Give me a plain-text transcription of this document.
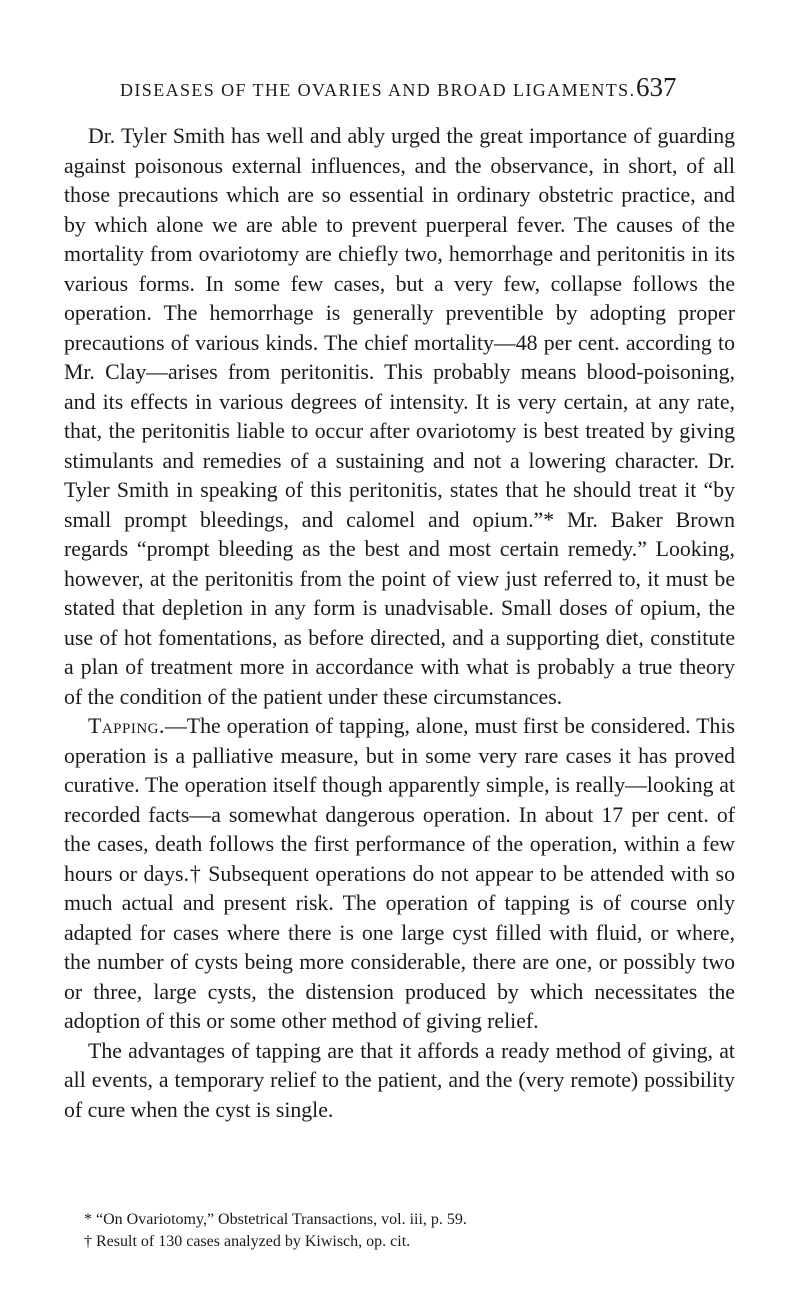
DISEASES OF THE OVARIES AND BROAD LIGAMENTS. 637

Dr. Tyler Smith has well and ably urged the great importance of guarding against poisonous external influences, and the observance, in short, of all those precautions which are so essential in ordinary obstetric practice, and by which alone we are able to prevent puerperal fever. The causes of the mortality from ovariotomy are chiefly two, hemorrhage and peritonitis in its various forms. In some few cases, but a very few, collapse follows the operation. The hemorrhage is generally preventible by adopting proper precautions of various kinds. The chief mortality—48 per cent. according to Mr. Clay—arises from peritonitis. This probably means blood-poisoning, and its effects in various degrees of intensity. It is very certain, at any rate, that, the peritonitis liable to occur after ovariotomy is best treated by giving stimulants and remedies of a sustaining and not a lowering character. Dr. Tyler Smith in speaking of this peritonitis, states that he should treat it “by small prompt bleedings, and calomel and opium.”* Mr. Baker Brown regards “prompt bleeding as the best and most certain remedy.” Looking, however, at the peritonitis from the point of view just referred to, it must be stated that depletion in any form is unadvisable. Small doses of opium, the use of hot fomentations, as before directed, and a supporting diet, constitute a plan of treatment more in accordance with what is probably a true theory of the condition of the patient under these circumstances.

Tapping.—The operation of tapping, alone, must first be considered. This operation is a palliative measure, but in some very rare cases it has proved curative. The operation itself though apparently simple, is really—looking at recorded facts—a somewhat dangerous operation. In about 17 per cent. of the cases, death follows the first performance of the operation, within a few hours or days.† Subsequent operations do not appear to be attended with so much actual and present risk. The operation of tapping is of course only adapted for cases where there is one large cyst filled with fluid, or where, the number of cysts being more considerable, there are one, or possibly two or three, large cysts, the distension produced by which necessitates the adoption of this or some other method of giving relief.

The advantages of tapping are that it affords a ready method of giving, at all events, a temporary relief to the patient, and the (very remote) possibility of cure when the cyst is single.

* “On Ovariotomy,” Obstetrical Transactions, vol. iii, p. 59.

† Result of 130 cases analyzed by Kiwisch, op. cit.
